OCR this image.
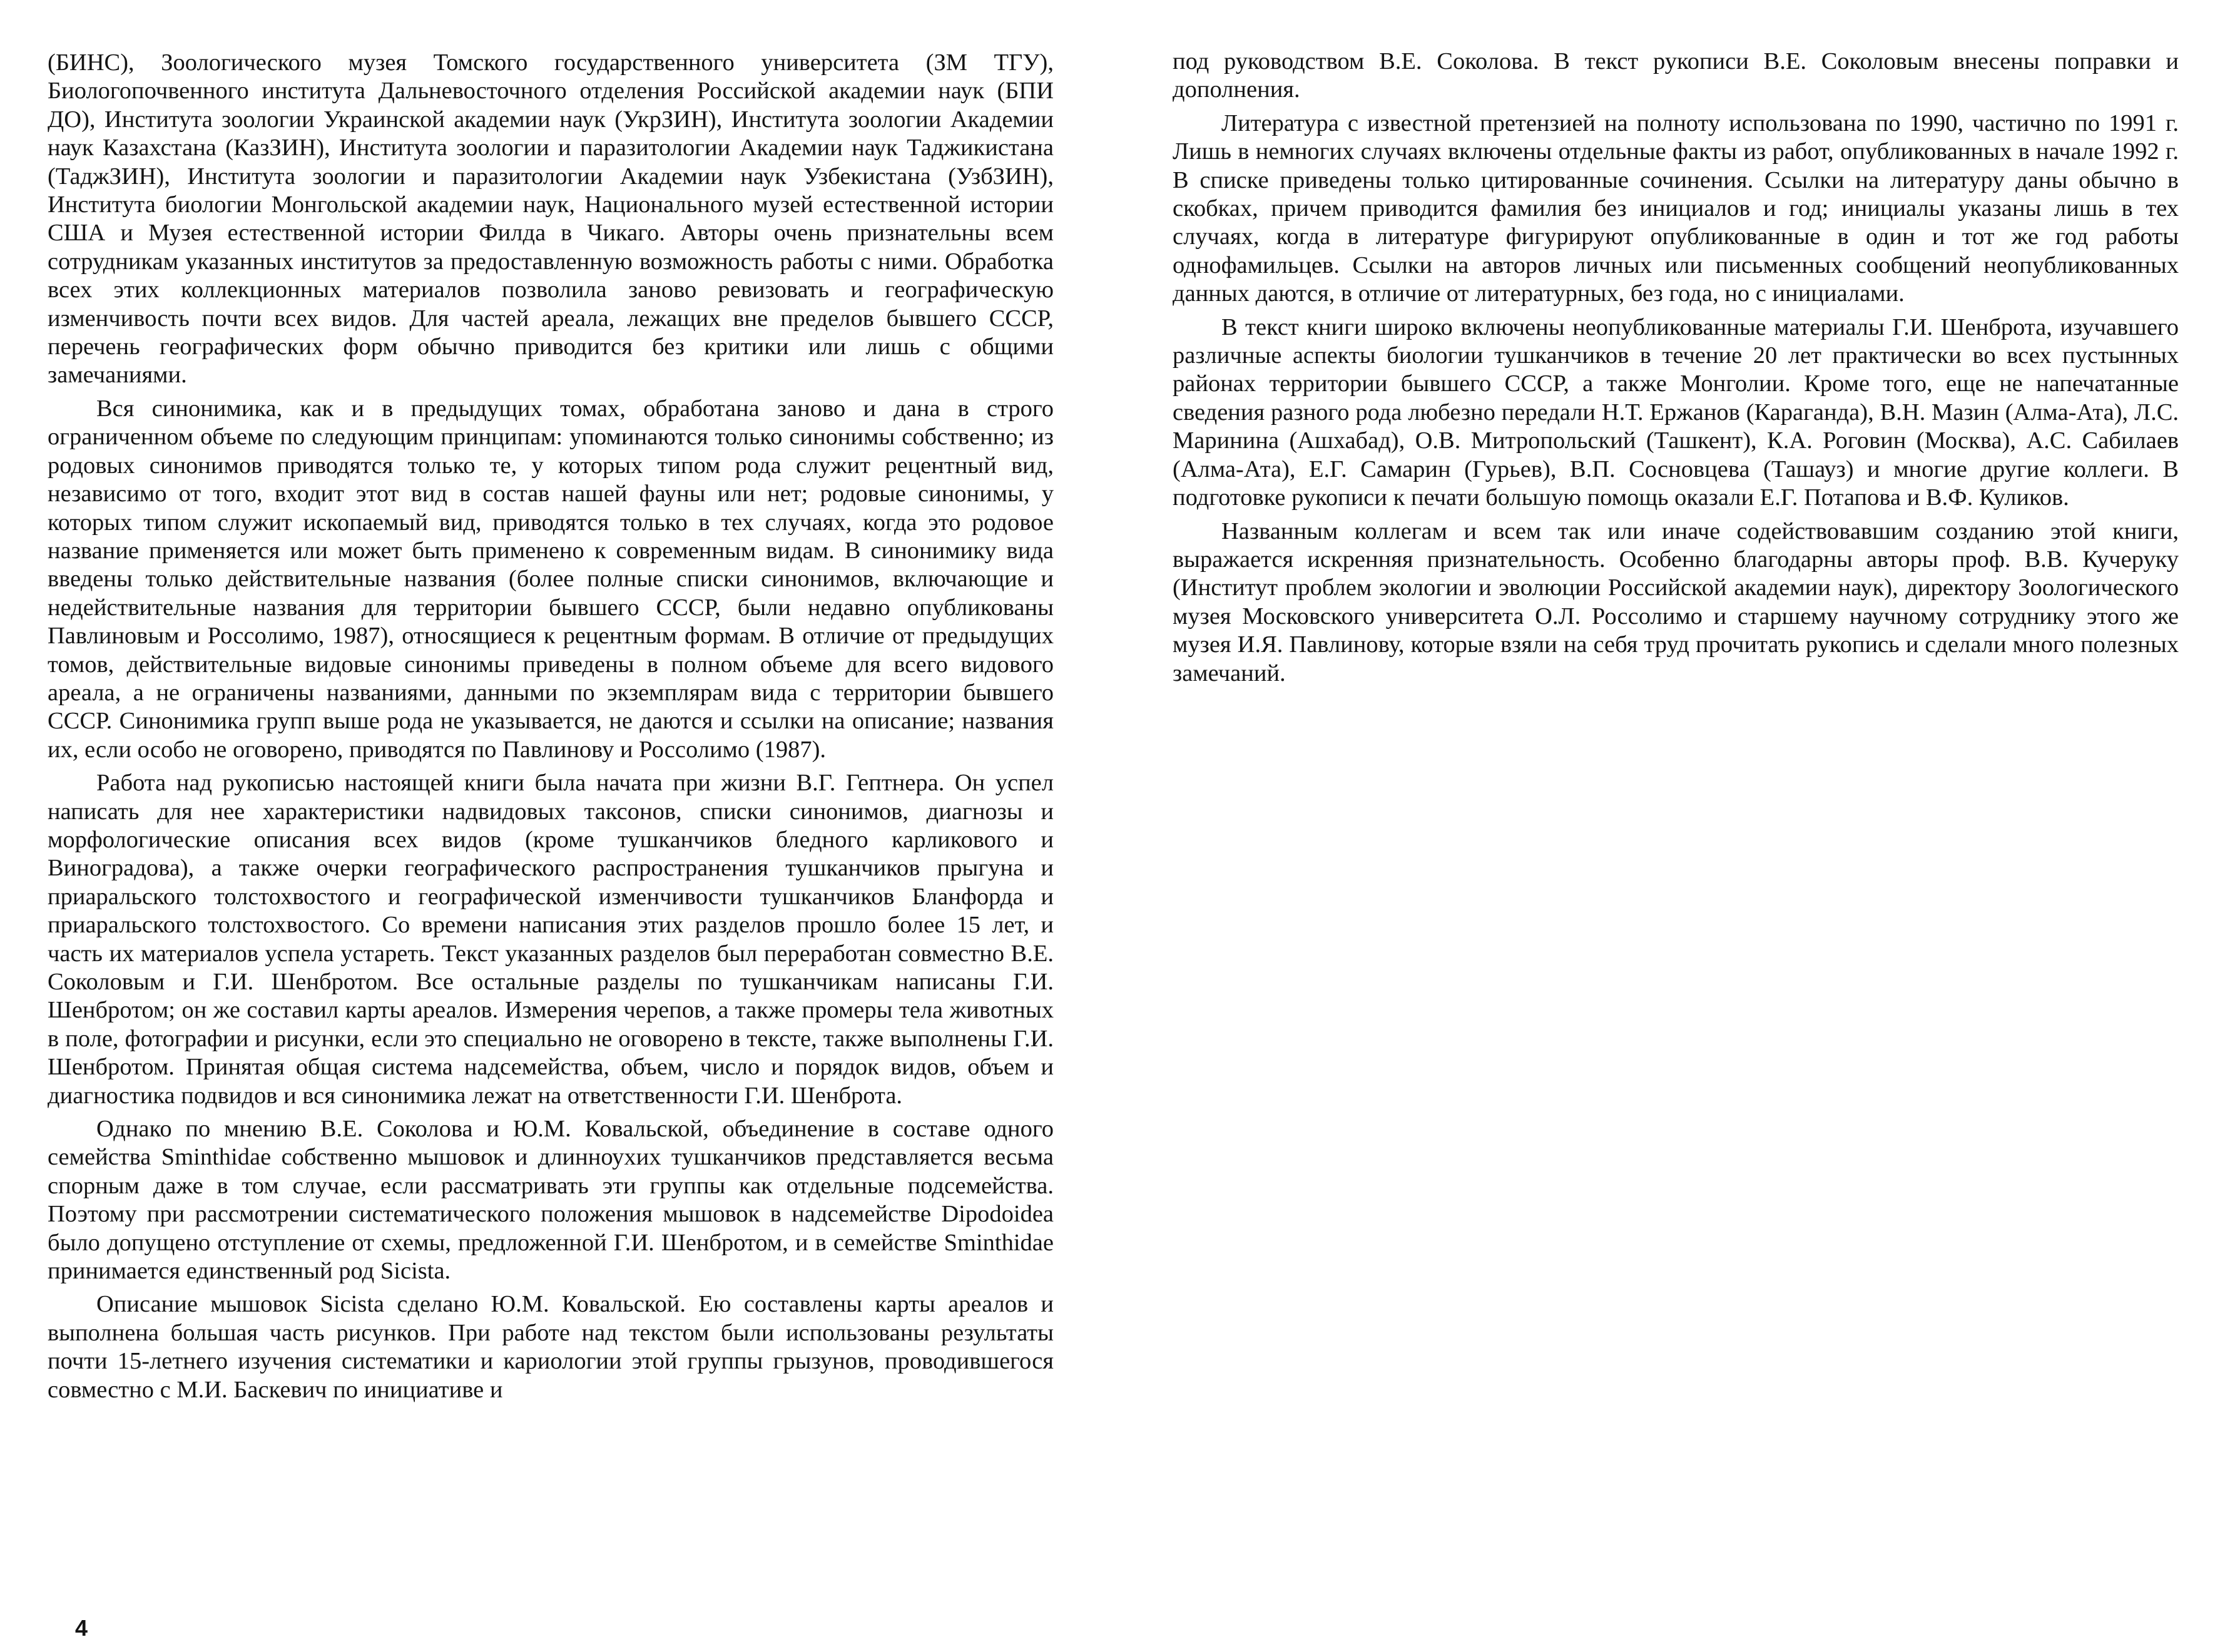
(БИНС), Зоологического музея Томского государственного университета (ЗМ ТГУ), Биологопочвенного института Дальневосточного отделения Российской академии наук (БПИ ДО), Института зоологии Украинской академии наук (УкрЗИН), Института зоологии Академии наук Казахстана (КазЗИН), Института зоологии и паразитологии Академии наук Таджикистана (ТаджЗИН), Института зоологии и паразитологии Академии наук Узбекистана (УзбЗИН), Института биологии Монгольской академии наук, Национального музей естественной истории США и Музея естественной истории Филда в Чикаго. Авторы очень признательны всем сотрудникам указанных институтов за предоставленную возможность работы с ними. Обработка всех этих коллекционных материалов позволила заново ревизовать и географическую изменчивость почти всех видов. Для частей ареала, лежащих вне пределов бывшего СССР, перечень географических форм обычно приводится без критики или лишь с общими замечаниями.

Вся синонимика, как и в предыдущих томах, обработана заново и дана в строго ограниченном объеме по следующим принципам: упоминаются только синонимы собственно; из родовых синонимов приводятся только те, у которых типом рода служит рецентный вид, независимо от того, входит этот вид в состав нашей фауны или нет; родовые синонимы, у которых типом служит ископаемый вид, приводятся только в тех случаях, когда это родовое название применяется или может быть применено к современным видам. В синонимику вида введены только действительные названия (более полные списки синонимов, включающие и недействительные названия для территории бывшего СССР, были недавно опубликованы Павлиновым и Россолимо, 1987), относящиеся к рецентным формам. В отличие от предыдущих томов, действительные видовые синонимы приведены в полном объеме для всего видового ареала, а не ограничены названиями, данными по экземплярам вида с территории бывшего СССР. Синонимика групп выше рода не указывается, не даются и ссылки на описание; названия их, если особо не оговорено, приводятся по Павлинову и Россолимо (1987).

Работа над рукописью настоящей книги была начата при жизни В.Г. Гептнера. Он успел написать для нее характеристики надвидовых таксонов, списки синонимов, диагнозы и морфологические описания всех видов (кроме тушканчиков бледного карликового и Виноградова), а также очерки географического распространения тушканчиков прыгуна и приаральского толстохвостого и географической изменчивости тушканчиков Бланфорда и приаральского толстохвостого. Со времени написания этих разделов прошло более 15 лет, и часть их материалов успела устареть. Текст указанных разделов был переработан совместно В.Е. Соколовым и Г.И. Шенбротом. Все остальные разделы по тушканчикам написаны Г.И. Шенбротом; он же составил карты ареалов. Измерения черепов, а также промеры тела животных в поле, фотографии и рисунки, если это специально не оговорено в тексте, также выполнены Г.И. Шенбротом. Принятая общая система надсемейства, объем, число и порядок видов, объем и диагностика подвидов и вся синонимика лежат на ответственности Г.И. Шенброта.

Однако по мнению В.Е. Соколова и Ю.М. Ковальской, объединение в составе одного семейства Sminthidae собственно мышовок и длинноухих тушканчиков представляется весьма спорным даже в том случае, если рассматривать эти группы как отдельные подсемейства. Поэтому при рассмотрении систематического положения мышовок в надсемействе Dipodoidea было допущено отступление от схемы, предложенной Г.И. Шенбротом, и в семействе Sminthidae принимается единственный род Sicista.

Описание мышовок Sicista сделано Ю.М. Ковальской. Ею составлены карты ареалов и выполнена большая часть рисунков. При работе над текстом были использованы результаты почти 15-летнего изучения систематики и кариологии этой группы грызунов, проводившегося совместно с М.И. Баскевич по инициативе и

4

под руководством В.Е. Соколова. В текст рукописи В.Е. Соколовым внесены поправки и дополнения.

Литература с известной претензией на полноту использована по 1990, частично по 1991 г. Лишь в немногих случаях включены отдельные факты из работ, опубликованных в начале 1992 г. В списке приведены только цитированные сочинения. Ссылки на литературу даны обычно в скобках, причем приводится фамилия без инициалов и год; инициалы указаны лишь в тех случаях, когда в литературе фигурируют опубликованные в один и тот же год работы однофамильцев. Ссылки на авторов личных или письменных сообщений неопубликованных данных даются, в отличие от литературных, без года, но с инициалами.

В текст книги широко включены неопубликованные материалы Г.И. Шенброта, изучавшего различные аспекты биологии тушканчиков в течение 20 лет практически во всех пустынных районах территории бывшего СССР, а также Монголии. Кроме того, еще не напечатанные сведения разного рода любезно передали Н.Т. Ержанов (Караганда), В.Н. Мазин (Алма-Ата), Л.С. Маринина (Ашхабад), О.В. Митропольский (Ташкент), К.А. Роговин (Москва), А.С. Сабилаев (Алма-Ата), Е.Г. Самарин (Гурьев), В.П. Сосновцева (Ташауз) и многие другие коллеги. В подготовке рукописи к печати большую помощь оказали Е.Г. Потапова и В.Ф. Куликов.

Названным коллегам и всем так или иначе содействовавшим созданию этой книги, выражается искренняя признательность. Особенно благодарны авторы проф. В.В. Кучеруку (Институт проблем экологии и эволюции Российской академии наук), директору Зоологического музея Московского университета О.Л. Россолимо и старшему научному сотруднику этого же музея И.Я. Павлинову, которые взяли на себя труд прочитать рукопись и сделали много полезных замечаний.
